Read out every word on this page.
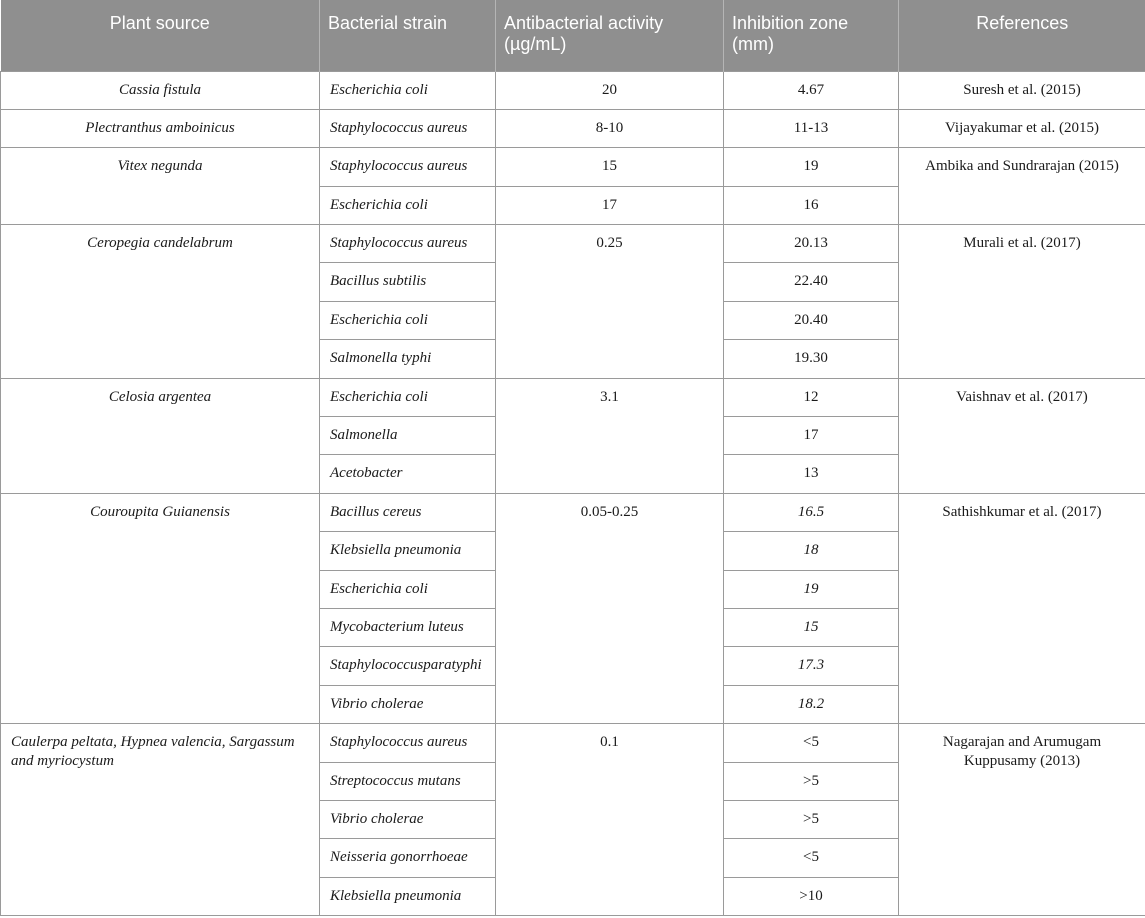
Plant source	Bacterial strain	Antibacterial activity (µg/mL)	Inhibition zone (mm)	References
Cassia fistula	Escherichia coli	20	4.67	Suresh et al. (2015)
Plectranthus amboinicus	Staphylococcus aureus	8-10	11-13	Vijayakumar et al. (2015)
Vitex negunda	Staphylococcus aureus	15	19	Ambika and Sundrarajan (2015)
	Escherichia coli	17	16	
Ceropegia candelabrum	Staphylococcus aureus	0.25	20.13	Murali et al. (2017)
	Bacillus subtilis		22.40	
	Escherichia coli		20.40	
	Salmonella typhi		19.30	
Celosia argentea	Escherichia coli	3.1	12	Vaishnav et al. (2017)
	Salmonella		17	
	Acetobacter		13	
Couroupita Guianensis	Bacillus cereus	0.05-0.25	16.5	Sathishkumar et al. (2017)
	Klebsiella pneumonia		18	
	Escherichia coli		19	
	Mycobacterium luteus		15	
	Staphylococcusparatyphi		17.3	
	Vibrio cholerae		18.2	
Caulerpa peltata, Hypnea valencia, Sargassum and myriocystum	Staphylococcus aureus	0.1	<5	Nagarajan and Arumugam Kuppusamy (2013)
	Streptococcus mutans		>5	
	Vibrio cholerae		>5	
	Neisseria gonorrhoeae		<5	
	Klebsiella pneumonia		>10	
